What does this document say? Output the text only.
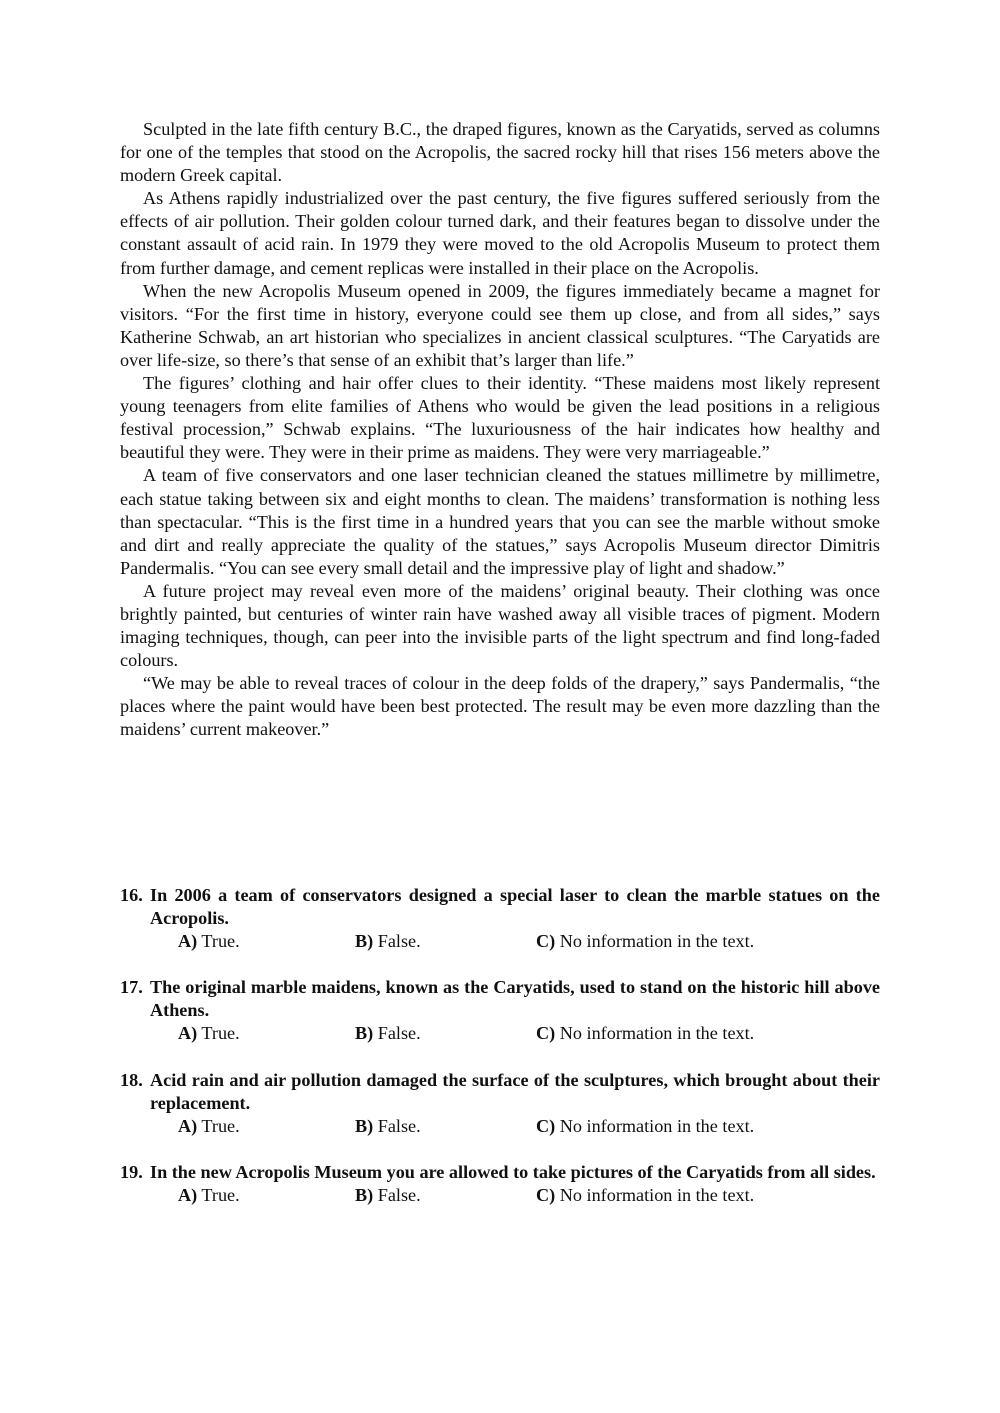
Sculpted in the late fifth century B.C., the draped figures, known as the Caryatids, served as columns for one of the temples that stood on the Acropolis, the sacred rocky hill that rises 156 meters above the modern Greek capital.

As Athens rapidly industrialized over the past century, the five figures suffered seriously from the effects of air pollution. Their golden colour turned dark, and their features began to dissolve under the constant assault of acid rain. In 1979 they were moved to the old Acropolis Museum to protect them from further damage, and cement replicas were installed in their place on the Acropolis.

When the new Acropolis Museum opened in 2009, the figures immediately became a magnet for visitors. “For the first time in history, everyone could see them up close, and from all sides,” says Katherine Schwab, an art historian who specializes in ancient classical sculptures. “The Caryatids are over life-size, so there’s that sense of an exhibit that’s larger than life.”

The figures’ clothing and hair offer clues to their identity. “These maidens most likely represent young teenagers from elite families of Athens who would be given the lead positions in a religious festival procession,” Schwab explains. “The luxuriousness of the hair indicates how healthy and beautiful they were. They were in their prime as maidens. They were very marriageable.”

A team of five conservators and one laser technician cleaned the statues millimetre by millimetre, each statue taking between six and eight months to clean. The maidens’ transformation is nothing less than spectacular. “This is the first time in a hundred years that you can see the marble without smoke and dirt and really appreciate the quality of the statues,” says Acropolis Museum director Dimitris Pandermalis. “You can see every small detail and the impressive play of light and shadow.”

A future project may reveal even more of the maidens’ original beauty. Their clothing was once brightly painted, but centuries of winter rain have washed away all visible traces of pigment. Modern imaging techniques, though, can peer into the invisible parts of the light spectrum and find long-faded colours.

“We may be able to reveal traces of colour in the deep folds of the drapery,” says Pandermalis, “the places where the paint would have been best protected. The result may be even more dazzling than the maidens’ current makeover.”

16. In 2006 a team of conservators designed a special laser to clean the marble statues on the Acropolis.

A) True.	B) False.	C) No information in the text.

17. The original marble maidens, known as the Caryatids, used to stand on the historic hill above Athens.

A) True.	B) False.	C) No information in the text.

18. Acid rain and air pollution damaged the surface of the sculptures, which brought about their replacement.

A) True.	B) False.	C) No information in the text.

19. In the new Acropolis Museum you are allowed to take pictures of the Caryatids from all sides.

A) True.	B) False.	C) No information in the text.
